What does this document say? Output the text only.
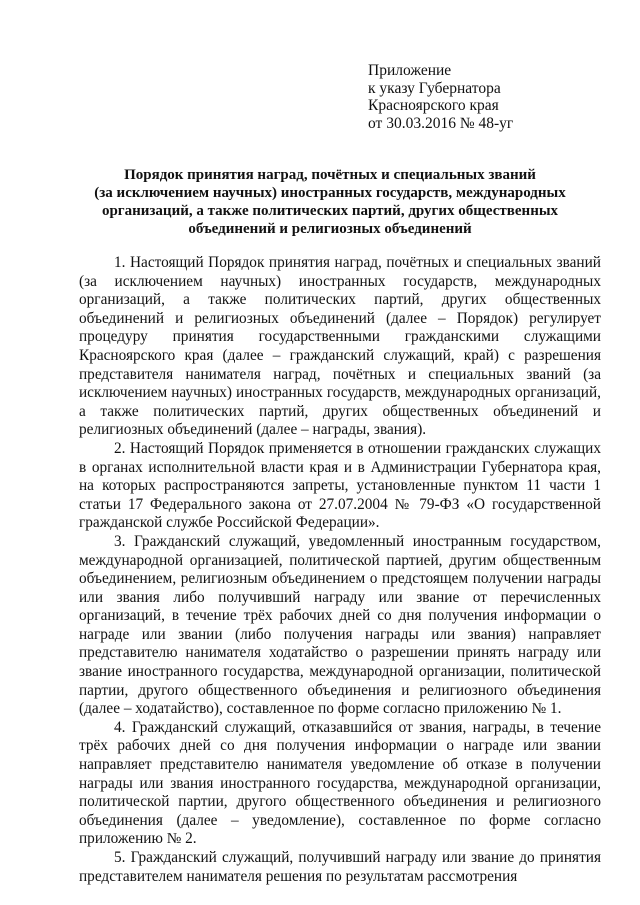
Приложение
к указу Губернатора
Красноярского края
от 30.03.2016 № 48-уг
Порядок принятия наград, почётных и специальных званий
(за исключением научных) иностранных государств, международных
организаций, а также политических партий, других общественных
объединений и религиозных объединений

1. Настоящий Порядок принятия наград, почётных и специальных званий (за исключением научных) иностранных государств, международных организаций, а также политических партий, других общественных объединений и религиозных объединений (далее – Порядок) регулирует процедуру принятия государственными гражданскими служащими Красноярского края (далее – гражданский служащий, край) с разрешения представителя нанимателя наград, почётных и специальных званий (за исключением научных) иностранных государств, международных организаций, а также политических партий, других общественных объединений и религиозных объединений (далее – награды, звания).

2. Настоящий Порядок применяется в отношении гражданских служащих в органах исполнительной власти края и в Администрации Губернатора края, на которых распространяются запреты, установленные пунктом 11 части 1 статьи 17 Федерального закона от 27.07.2004 № 79-ФЗ «О государственной гражданской службе Российской Федерации».

3. Гражданский служащий, уведомленный иностранным государством, международной организацией, политической партией, другим общественным объединением, религиозным объединением о предстоящем получении награды или звания либо получивший награду или звание от перечисленных организаций, в течение трёх рабочих дней со дня получения информации о награде или звании (либо получения награды или звания) направляет представителю нанимателя ходатайство о разрешении принять награду или звание иностранного государства, международной организации, политической партии, другого общественного объединения и религиозного объединения (далее – ходатайство), составленное по форме согласно приложению № 1.

4. Гражданский служащий, отказавшийся от звания, награды, в течение трёх рабочих дней со дня получения информации о награде или звании направляет представителю нанимателя уведомление об отказе в получении награды или звания иностранного государства, международной организации, политической партии, другого общественного объединения и религиозного объединения (далее – уведомление), составленное по форме согласно приложению № 2.

5. Гражданский служащий, получивший награду или звание до принятия представителем нанимателя решения по результатам рассмотрения
